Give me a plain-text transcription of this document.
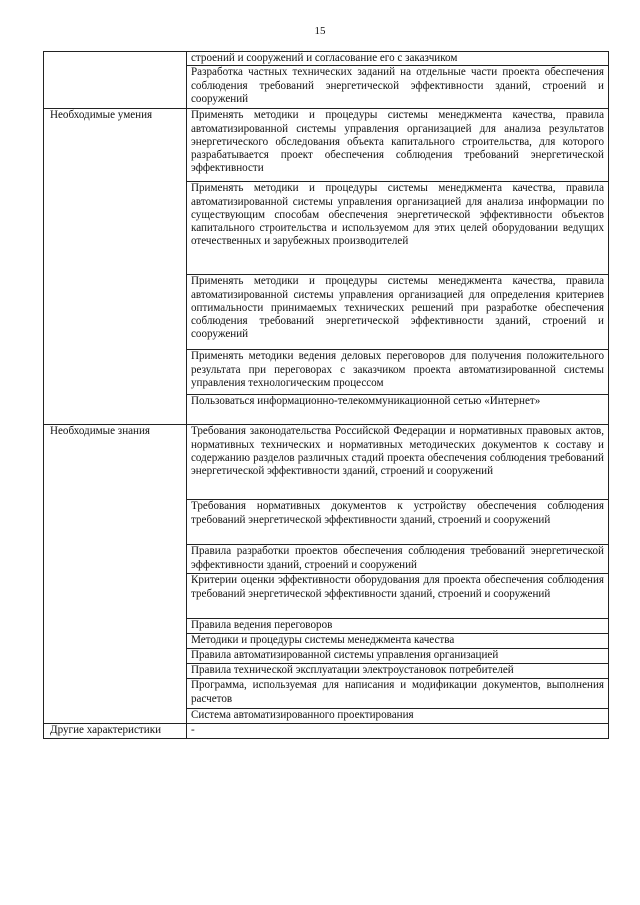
15
	строений и сооружений и согласование его с заказчиком
	Разработка частных технических заданий на отдельные части проекта обеспечения соблюдения требований энергетической эффективности зданий, строений и сооружений
Необходимые умения	Применять методики и процедуры системы менеджмента качества, правила автоматизированной системы управления организацией для анализа результатов энергетического обследования объекта капитального строительства, для которого разрабатывается проект обеспечения соблюдения требований энергетической эффективности
	Применять методики и процедуры системы менеджмента качества, правила автоматизированной системы управления организацией для анализа информации по существующим способам обеспечения энергетической эффективности объектов капитального строительства и используемом для этих целей оборудовании ведущих отечественных и зарубежных производителей
	Применять методики и процедуры системы менеджмента качества, правила автоматизированной системы управления организацией для определения критериев оптимальности принимаемых технических решений при разработке обеспечения соблюдения требований энергетической эффективности зданий, строений и сооружений
	Применять методики ведения деловых переговоров для получения положительного результата при переговорах с заказчиком проекта автоматизированной системы управления технологическим процессом
	Пользоваться информационно-телекоммуникационной сетью «Интернет»
Необходимые знания	Требования законодательства Российской Федерации и нормативных правовых актов, нормативных технических и нормативных методических документов к составу и содержанию разделов различных стадий проекта обеспечения соблюдения требований энергетической эффективности зданий, строений и сооружений
	Требования нормативных документов к устройству обеспечения соблюдения требований энергетической эффективности зданий, строений и сооружений
	Правила разработки проектов обеспечения соблюдения требований энергетической эффективности зданий, строений и сооружений
	Критерии оценки эффективности оборудования для проекта обеспечения соблюдения требований энергетической эффективности зданий, строений и сооружений
	Правила ведения переговоров
	Методики и процедуры системы менеджмента качества
	Правила автоматизированной системы управления организацией
	Правила технической эксплуатации электроустановок потребителей
	Программа, используемая для написания и модификации документов, выполнения расчетов
	Система автоматизированного проектирования
Другие характеристики	-
